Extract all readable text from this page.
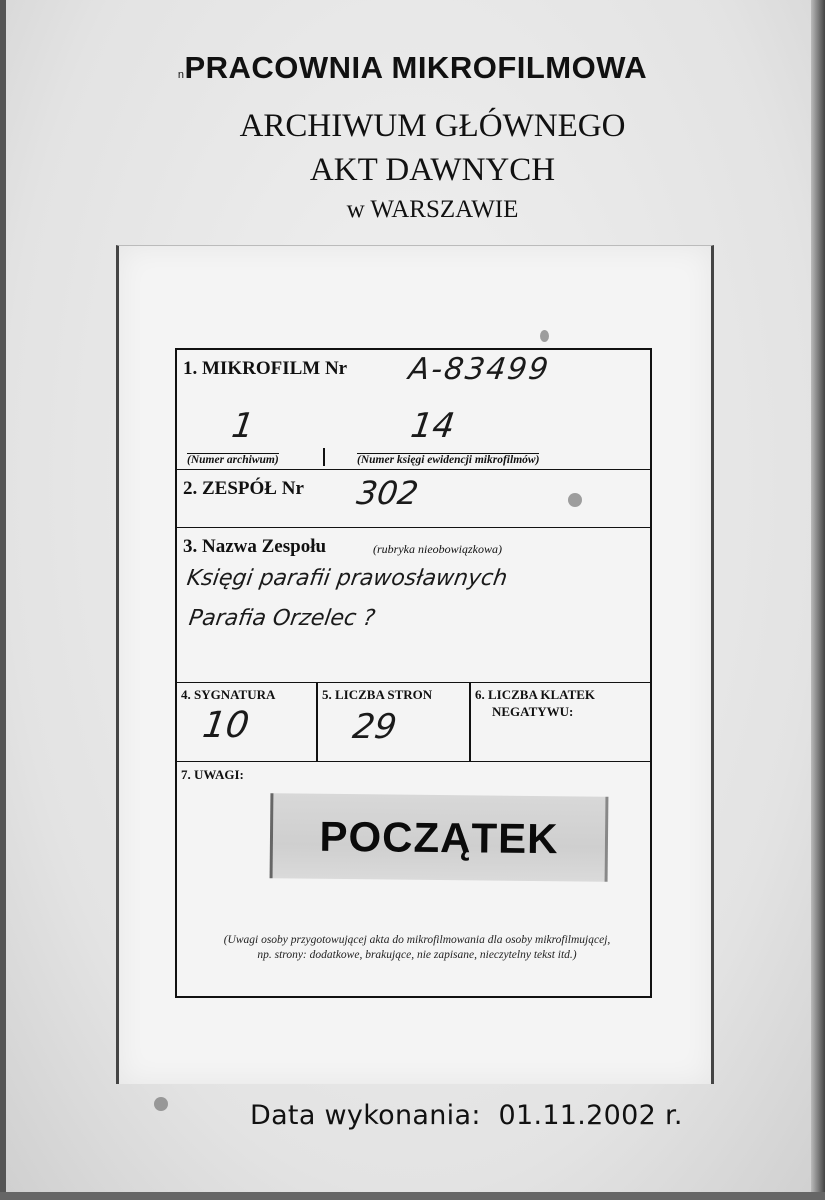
nPRACOWNIA MIKROFILMOWA
ARCHIWUM GŁÓWNEGO
AKT DAWNYCH
w WARSZAWIE
1. MIKROFILM Nr A-83499
1	14
(Numer archiwum)	(Numer księgi ewidencji mikrofilmów)
2. ZESPÓŁ Nr 302
3. Nazwa Zespołu	(rubryka nieobowiązkowa)
Księgi parafii prawosławnych
Parafia Orzelec ?
4. SYGNATURA
10
5. LICZBA STRON
29
6. LICZBA KLATEK
NEGATYWU:
7. UWAGI:
POCZĄTEK
(Uwagi osoby przygotowującej akta do mikrofilmowania dla osoby mikrofilmującej,
np. strony: dodatkowe, brakujące, nie zapisane, nieczytelny tekst itd.)
Data wykonania: 01.11.2002 r.
